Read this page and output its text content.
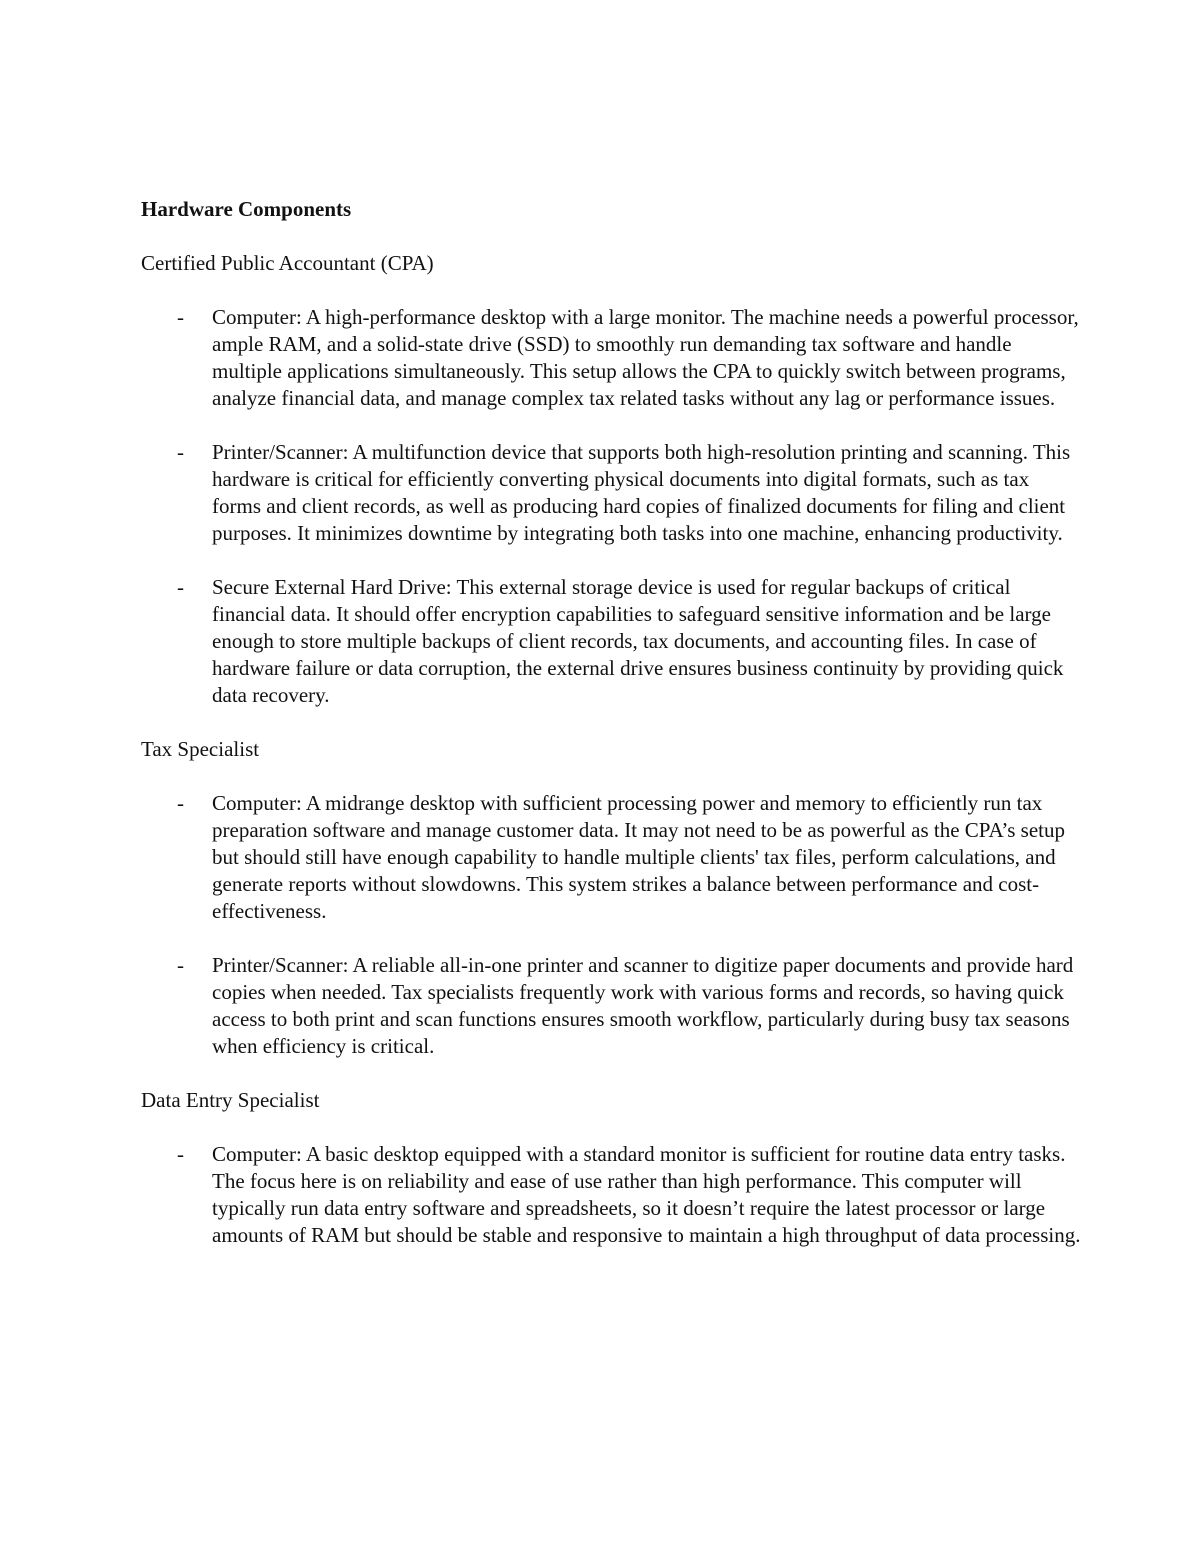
Hardware Components
Certified Public Accountant (CPA)
- Computer: A high-performance desktop with a large monitor. The machine needs a powerful processor, ample RAM, and a solid-state drive (SSD) to smoothly run demanding tax software and handle multiple applications simultaneously. This setup allows the CPA to quickly switch between programs, analyze financial data, and manage complex tax related tasks without any lag or performance issues.
- Printer/Scanner: A multifunction device that supports both high-resolution printing and scanning. This hardware is critical for efficiently converting physical documents into digital formats, such as tax forms and client records, as well as producing hard copies of finalized documents for filing and client purposes. It minimizes downtime by integrating both tasks into one machine, enhancing productivity.
- Secure External Hard Drive: This external storage device is used for regular backups of critical financial data. It should offer encryption capabilities to safeguard sensitive information and be large enough to store multiple backups of client records, tax documents, and accounting files. In case of hardware failure or data corruption, the external drive ensures business continuity by providing quick data recovery.
Tax Specialist
- Computer: A midrange desktop with sufficient processing power and memory to efficiently run tax preparation software and manage customer data. It may not need to be as powerful as the CPA’s setup but should still have enough capability to handle multiple clients' tax files, perform calculations, and generate reports without slowdowns. This system strikes a balance between performance and cost-effectiveness.
- Printer/Scanner: A reliable all-in-one printer and scanner to digitize paper documents and provide hard copies when needed. Tax specialists frequently work with various forms and records, so having quick access to both print and scan functions ensures smooth workflow, particularly during busy tax seasons when efficiency is critical.
Data Entry Specialist
- Computer: A basic desktop equipped with a standard monitor is sufficient for routine data entry tasks. The focus here is on reliability and ease of use rather than high performance. This computer will typically run data entry software and spreadsheets, so it doesn’t require the latest processor or large amounts of RAM but should be stable and responsive to maintain a high throughput of data processing.
